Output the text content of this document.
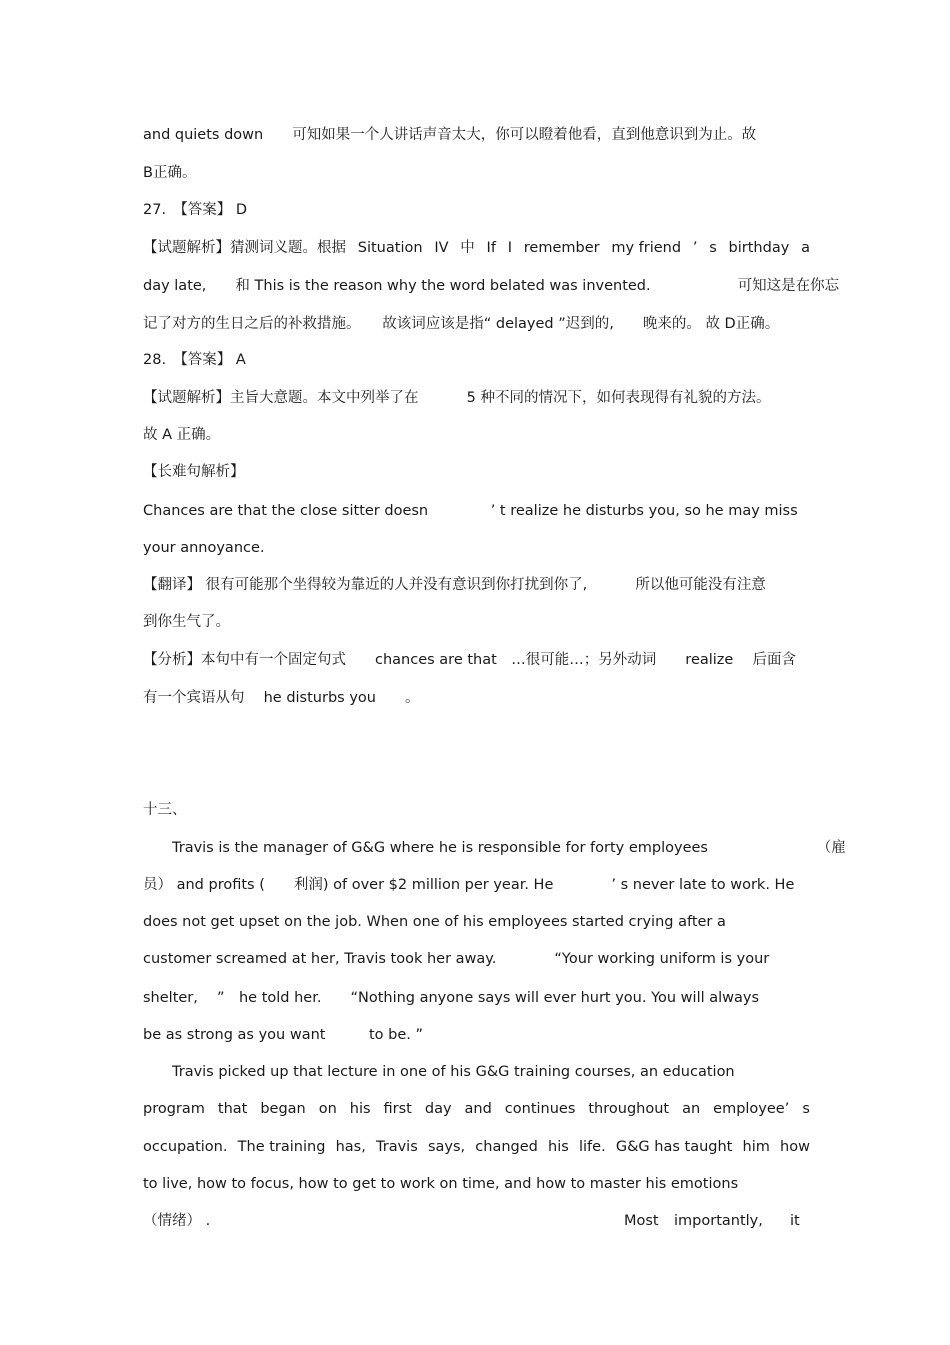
and quiets down　　可知如果一个人讲话声音太大，你可以瞪着他看，直到他意识到为止。故
B正确。
27.　【答案】 D
【试题解析】猜测词义题。根据 Situation IV 中 If I remember my friend ’ s birthday a
day late,　　和 This is the reason why the word belated was invented.　　　　　　可知这是在你忘
记了对方的生日之后的补救措施。　　故该词应该是指“ delayed ”迟到的,　　晚来的。 故 D正确。
28.　【答案】 A
【试题解析】主旨大意题。本文中列举了在　　　 5 种不同的情况下，如何表现得有礼貌的方法。
故 A 正确。
【长难句解析】
Chances are that the close sitter doesn　　　　 ’ t realize he disturbs you, so he may miss
your annoyance.
【翻译】 很有可能那个坐得较为靠近的人并没有意识到你打扰到你了,　　　 所以他可能没有注意
到你生气了。
【分析】本句中有一个固定句式　　chances are that　…很可能…；另外动词　　realize　 后面含
有一个宾语从句　 he disturbs you　　。
十三、
Travis is the manager of G&G where he is responsible for forty employees　　　　　　　　（雇
员） and profits (　　利润) of over $2 million per year. He　　　　’ s never late to work. He
does not get upset on the job. When one of his employees started crying after a
customer screamed at her, Travis took her away.　　　　“Your working uniform is your
shelter,　 ”　he told her.　　“Nothing anyone says will ever hurt you. You will always
be as strong as you want　　　to be. ”
Travis picked up that lecture in one of his G&G training courses, an education
program that began on his first day and continues throughout an employee’ s
occupation. The training has, Travis says, changed his life. G&G has taught him how
to live, how to focus, how to get to work on time, and how to master his emotions
（情绪） .	Most importantly, it
